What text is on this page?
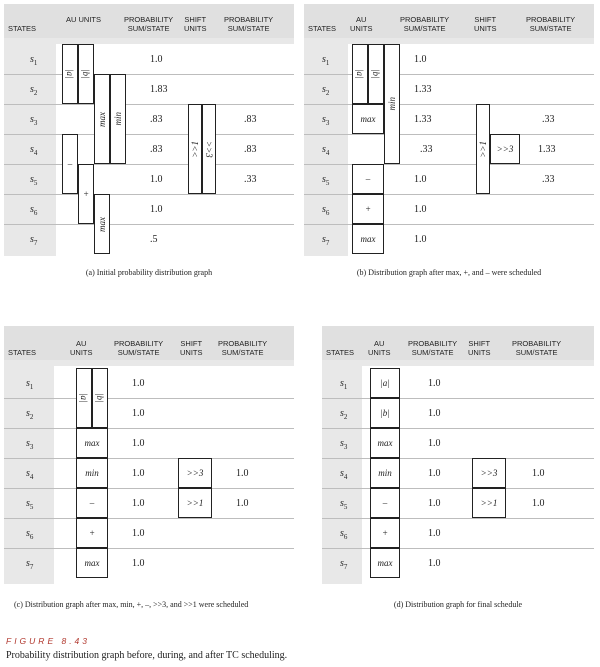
STATES
AU UNITS	PROBABILITY
SUM/STATE
SHIFT
UNITS
PROBABILITY
SUM/STATE
$s_1$
$s_2$
$s_3$
$s_4$
$s_5$
$s_6$
$s_7$
|a| |b|
max min
–
+
max
>>1 >>3
1.0
1.83
.83
.83
1.0
1.0
.5
.83
.83
.33
(a) Initial probability distribution graph
STATES
AU
UNITS
PROBABILITY
SUM/STATE
SHIFT
UNITS
PROBABILITY
SUM/STATE
$s_1$
$s_2$
$s_3$
$s_4$
$s_5$
$s_6$
$s_7$
|a| |b|
max
min
–
+
max
>>1 >>3
1.0
1.33
1.33
.33
1.0
1.0
1.0
.33
1.33
.33
(b) Distribution graph after max, +, and – were scheduled
STATES
AU
UNITS
PROBABILITY
SUM/STATE
SHIFT
UNITS
PROBABILITY
SUM/STATE
$s_1$
$s_2$
$s_3$
$s_4$
$s_5$
$s_6$
$s_7$
|a| |b|
max
min
–
+
max
>>3
>>1
1.0
1.0
1.0
1.0
1.0
1.0
1.0
1.0
1.0
(c) Distribution graph after max, min, +, –, >>3, and >>1 were scheduled
STATES
AU
UNITS
PROBABILITY
SUM/STATE
SHIFT
UNITS
PROBABILITY
SUM/STATE
$s_1$
$s_2$
$s_3$
$s_4$
$s_5$
$s_6$
$s_7$
|a|
|b|
max
min
–
+
max
>>3
>>1
1.0
1.0
1.0
1.0
1.0
1.0
1.0
1.0
1.0
(d) Distribution graph for final schedule
FIGURE 8.43
Probability distribution graph before, during, and after TC scheduling.
